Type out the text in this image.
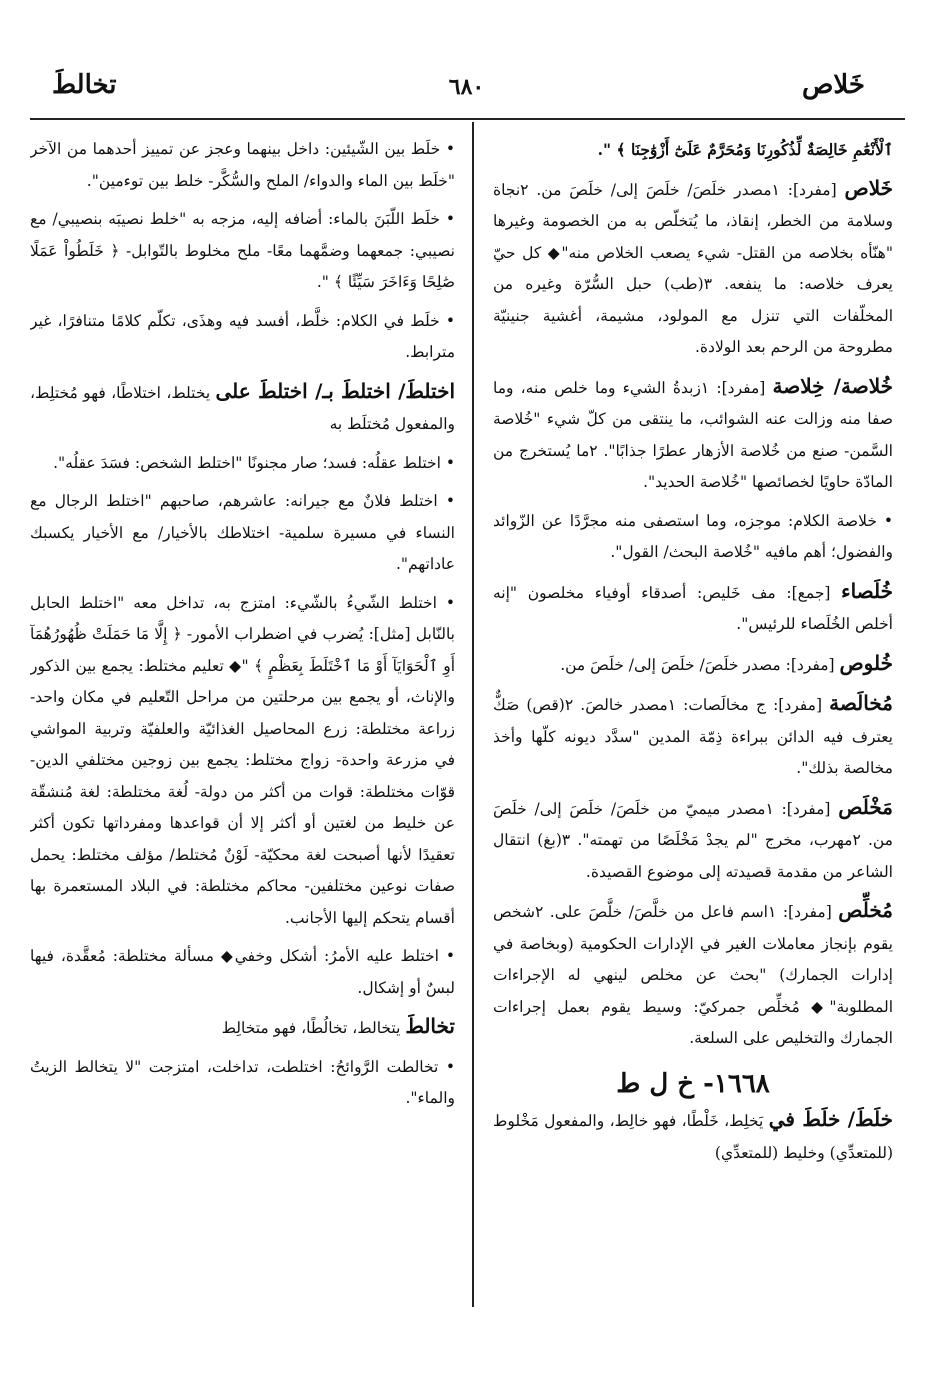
خَلاص
٦٨٠
تخالطَ
ٱلْأَنْعَٰمِ خَالِصَةٌ لِّذُكُورِنَا وَمُحَرَّمٌ عَلَىٰٓ أَزْوَٰجِنَا ﴾ ".
خَلاص [مفرد]: ١مصدر خلَصَ/ خلَصَ إلى/ خلَصَ من. ٢نجاة وسلامة من الخطر، إنقاذ، ما يُتخلّص به من الخصومة وغيرها "هنّأه بخلاصه من القتل- شيء يصعب الخلاص منه"◆ كل حيّ يعرف خلاصه: ما ينفعه. ٣(طب) حبل السُّرّة وغيره من المخلّفات التي تنزل مع المولود، مشيمة، أغشية جنينيّة مطروحة من الرحم بعد الولادة.
خُلاصة/ خِلاصة [مفرد]: ١زبدةُ الشيء وما خلص منه، وما صفا منه وزالت عنه الشوائب، ما ينتقى من كلّ شيء "خُلاصة السَّمن- صنع من خُلاصة الأزهار عطرًا جذابًا". ٢ما يُستخرج من المادّة حاويًا لخصائصها "خُلاصة الحديد".
• خلاصة الكلام: موجزه، وما استصفى منه مجرَّدًا عن الزّوائد والفضول؛ أهم مافيه "خُلاصة البحث/ القول".
خُلَصاء [جمع]: مف خَليص: أصدقاء أوفياء مخلصون "إنه أخلص الخُلَصاء للرئيس".
خُلوص [مفرد]: مصدر خلَصَ/ خلَصَ إلى/ خلَصَ من.
مُخالَصة [مفرد]: ج مخالَصات: ١مصدر خالصَ. ٢(قص) صَكٌّ يعترف فيه الدائن ببراءة ذِمّة المدين "سدَّد ديونه كلّها وأخذ مخالصة بذلك".
مَخْلَص [مفرد]: ١مصدر ميميّ من خلَصَ/ خلَصَ إلى/ خلَصَ من. ٢مهرب، مخرج "لم يجدْ مَخْلَصًا من تهمته". ٣(بغ) انتقال الشاعر من مقدمة قصيدته إلى موضوع القصيدة.
مُخلِّص [مفرد]: ١اسم فاعل من خلَّصَ/ خلَّصَ على. ٢شخص يقوم بإنجاز معاملات الغير في الإدارات الحكومية (وبخاصة في إدارات الجمارك) "بحث عن مخلص لينهي له الإجراءات المطلوبة"◆ مُخلِّص جمركيّ: وسيط يقوم بعمل إجراءات الجمارك والتخليص على السلعة.
١٦٦٨- خ ل ط
خلَطَ/ خلَطَ في يَخلِط، خَلْطًا، فهو خالِط، والمفعول مَخْلوط (للمتعدِّي) وخليط (للمتعدِّي)
• خلَط بين الشّيئين: داخل بينهما وعجز عن تمييز أحدهما من الآخر "خلَط بين الماء والدواء/ الملح والسُّكَّر- خلط بين توءمين".
• خلَط اللّبَنَ بالماء: أضافه إليه، مزجه به "خلط نصيبَه بنصيبي/ مع نصيبي: جمعهما وضمَّهما معًا- ملح مخلوط بالتّوابل- ﴿ خَلَطُواْ عَمَلًا صَٰلِحًا وَءَاخَرَ سَيِّئًا ﴾ ".
• خلَط في الكلام: خلَّط، أفسد فيه وهذَى، تكلّم كلامًا متنافرًا، غير مترابط.
اختلطَ/ اختلطَ بـ/ اختلطَ على يختلط، اختلاطًا، فهو مُختلِط، والمفعول مُختلَط به
• اختلط عقلُه: فسد؛ صار مجنونًا "اختلط الشخص: فسَدَ عقلُه".
• اختلط فلانٌ مع جيرانه: عاشرهم، صاحبهم "اختلط الرجال مع النساء في مسيرة سلمية- اختلاطك بالأخيار/ مع الأخيار يكسبك عاداتهم".
• اختلط الشّيءُ بالشّيء: امتزج به، تداخل معه "اختلط الحابل بالنّابل [مثل]: يُضرب في اضطراب الأمور- ﴿ إِلَّا مَا حَمَلَتْ ظُهُورُهُمَآ أَوِ ٱلْحَوَايَآ أَوْ مَا ٱخْتَلَطَ بِعَظْمٍ ﴾ "◆ تعليم مختلط: يجمع بين الذكور والإناث، أو يجمع بين مرحلتين من مراحل التّعليم في مكان واحد- زراعة مختلطة: زرع المحاصيل الغذائيّة والعلفيّة وتربية المواشي في مزرعة واحدة- زواج مختلط: يجمع بين زوجين مختلفي الدين- قوّات مختلطة: قوات من أكثر من دولة- لُغة مختلطة: لغة مُنشقّة عن خليط من لغتين أو أكثر إلا أن قواعدها ومفرداتها تكون أكثر تعقيدًا لأنها أصبحت لغة محكيّة- لَوْنٌ مُختلط/ مؤلف مختلط: يحمل صفات نوعين مختلفين- محاكم مختلطة: في البلاد المستعمرة بها أقسام يتحكم إليها الأجانب.
• اختلط عليه الأمرُ: أشكل وخفي◆ مسألة مختلطة: مُعقَّدة، فيها لبسٌ أو إشكال.
تخالطَ يتخالط، تخالُطًا، فهو متخالِط
• تخالطت الرَّوائحُ: اختلطت، تداخلت، امتزجت "لا يتخالط الزيتُ والماء".
